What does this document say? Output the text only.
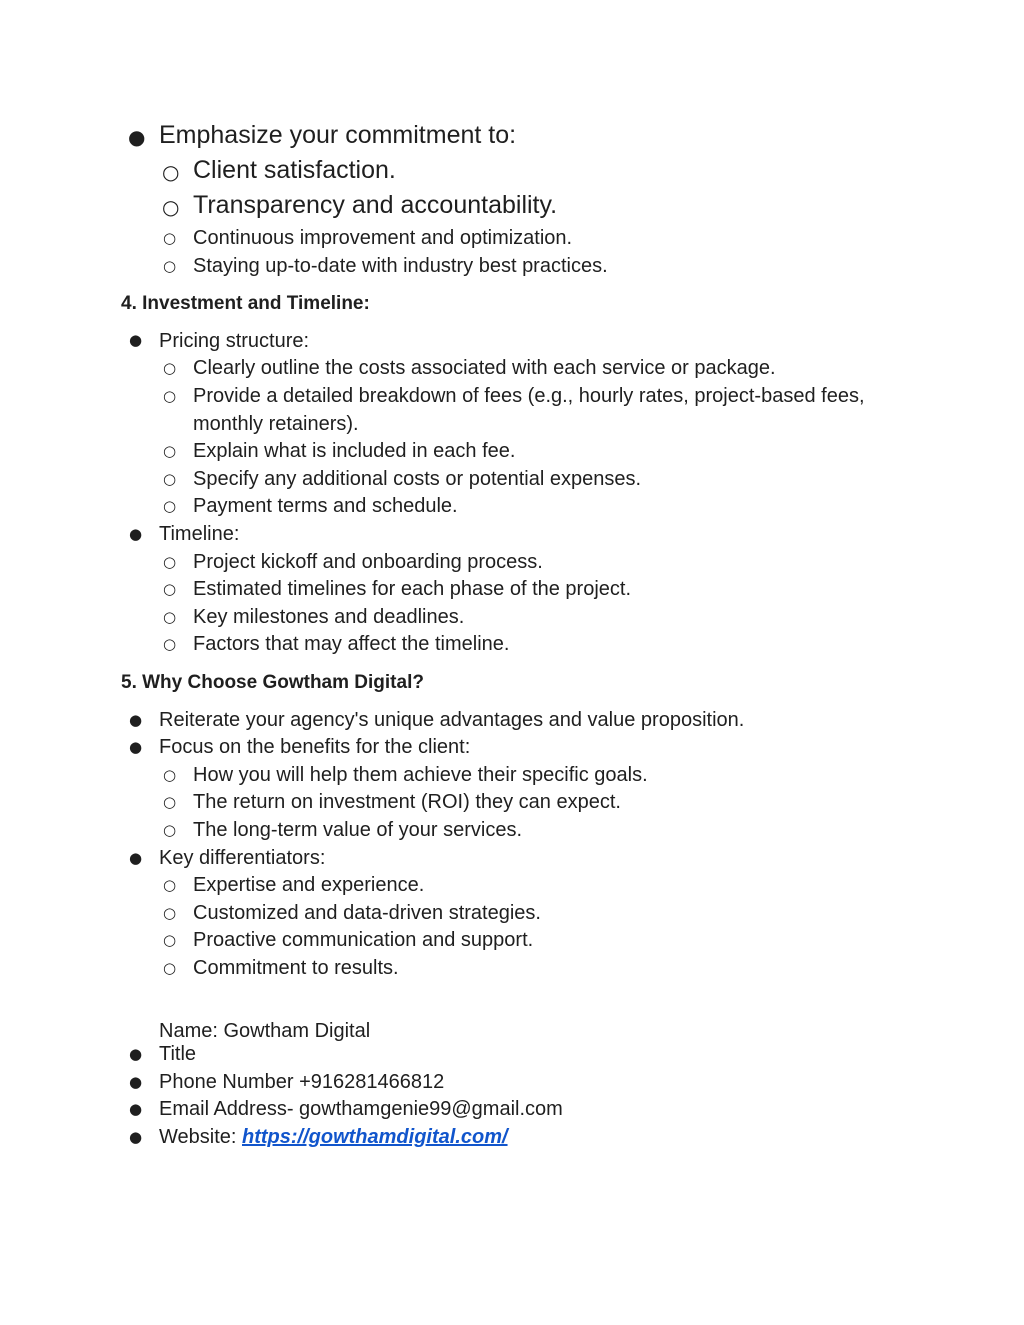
● Emphasize your commitment to:
○ Client satisfaction.
○ Transparency and accountability.
○ Continuous improvement and optimization.
○ Staying up-to-date with industry best practices.
4. Investment and Timeline:
● Pricing structure:
○ Clearly outline the costs associated with each service or package.
○ Provide a detailed breakdown of fees (e.g., hourly rates, project-based fees,
monthly retainers).
○ Explain what is included in each fee.
○ Specify any additional costs or potential expenses.
○ Payment terms and schedule.
● Timeline:
○ Project kickoff and onboarding process.
○ Estimated timelines for each phase of the project.
○ Key milestones and deadlines.
○ Factors that may affect the timeline.
5. Why Choose Gowtham Digital?
● Reiterate your agency's unique advantages and value proposition.
● Focus on the benefits for the client:
○ How you will help them achieve their specific goals.
○ The return on investment (ROI) they can expect.
○ The long-term value of your services.
● Key differentiators:
○ Expertise and experience.
○ Customized and data-driven strategies.
○ Proactive communication and support.
○ Commitment to results.
Name: Gowtham Digital
● Title
● Phone Number +916281466812
● Email Address- gowthamgenie99@gmail.com
● Website: https://gowthamdigital.com/
